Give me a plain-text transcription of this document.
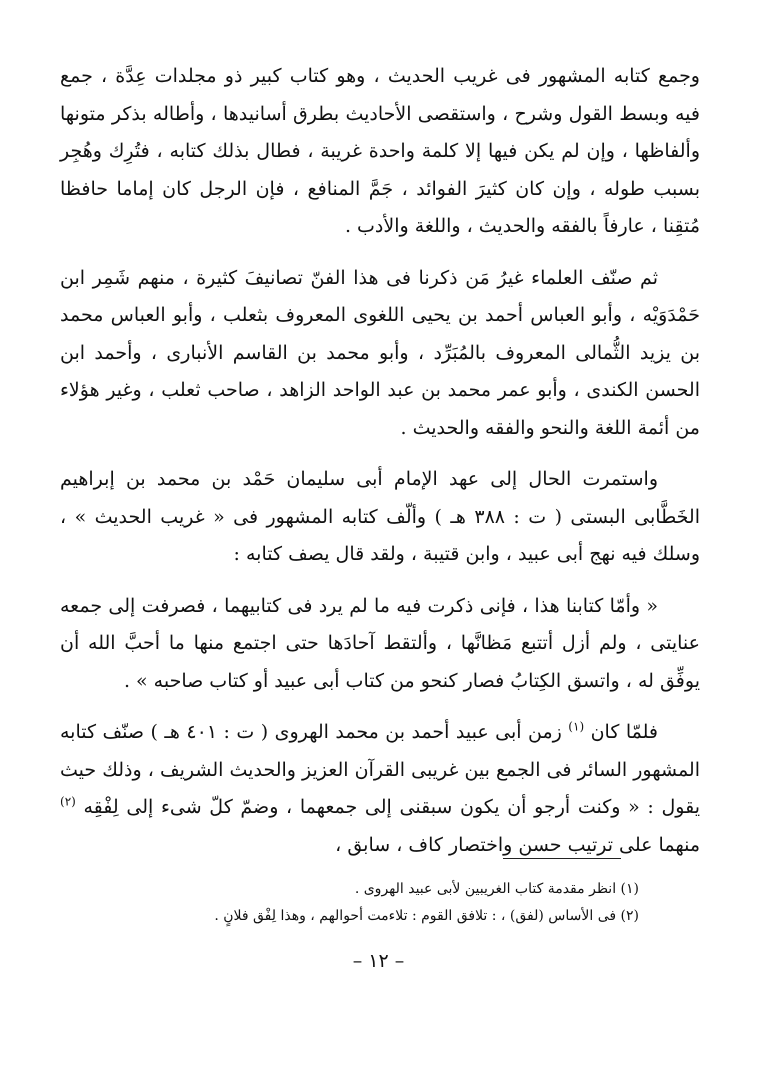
وجمع كتابه المشهور فى غريب الحديث ، وهو كتاب كبير ذو مجلدات عِدَّة ، جمع فيه وبسط القول وشرح ، واستقصى الأحاديث بطرق أسانيدها ، وأطاله بذكر متونها وألفاظها ، وإن لم يكن فيها إلا كلمة واحدة غريبة ، فطال بذلك كتابه ، فتُرِك وهُجِر بسبب طوله ، وإن كان كثيرَ الفوائد ، جَمَّ المنافع ، فإن الرجل كان إماما حافظا مُتقِنا ، عارفاً بالفقه والحديث ، واللغة والأدب .

ثم صنّف العلماء غيرُ مَن ذكرنا فى هذا الفنّ تصانيفَ كثيرة ، منهم شَمِر ابن حَمْدَوَيْه ، وأبو العباس أحمد بن يحيى اللغوى المعروف بثعلب ، وأبو العباس محمد بن يزيد الثُّمالى المعروف بالمُبَرِّد ، وأبو محمد بن القاسم الأنبارى ، وأحمد ابن الحسن الكندى ، وأبو عمر محمد بن عبد الواحد الزاهد ، صاحب ثعلب ، وغير هؤلاء من أئمة اللغة والنحو والفقه والحديث .

واستمرت الحال إلى عهد الإمام أبى سليمان حَمْد بن محمد بن إبراهيم الخَطَّابى البستى ( ت : ٣٨٨ هـ ) وألّف كتابه المشهور فى « غريب الحديث » ، وسلك فيه نهج أبى عبيد ، وابن قتيبة ، ولقد قال يصف كتابه :

« وأمّا كتابنا هذا ، فإنى ذكرت فيه ما لم يرد فى كتابيهما ، فصرفت إلى جمعه عنايتى ، ولم أزل أتتبع مَظانَّها ، وألتقط آحادَها حتى اجتمع منها ما أحبَّ الله أن يوفِّق له ، واتسق الكِتابُ فصار كنحو من كتاب أبى عبيد أو كتاب صاحبه » .

فلمّا كان $^{(١)}$ زمن أبى عبيد أحمد بن محمد الهروى ( ت : ٤٠١ هـ ) صنّف كتابه المشهور السائر فى الجمع بين غريبى القرآن العزيز والحديث الشريف ، وذلك حيث يقول : « وكنت أرجو أن يكون سبقنى إلى جمعهما ، وضمّ كلّ شىء إلى لِفْقِه $^{(٢)}$ منهما على ترتيب حسن واختصار كاف ، سابق ،

(١) انظر مقدمة كتاب الغريبين لأبى عبيد الهروى .

(٢) فى الأساس (لفق) ، : تلافق القوم : تلاءمت أحوالهم ، وهذا لِفْق فلانٍ .

– ١٢ –
